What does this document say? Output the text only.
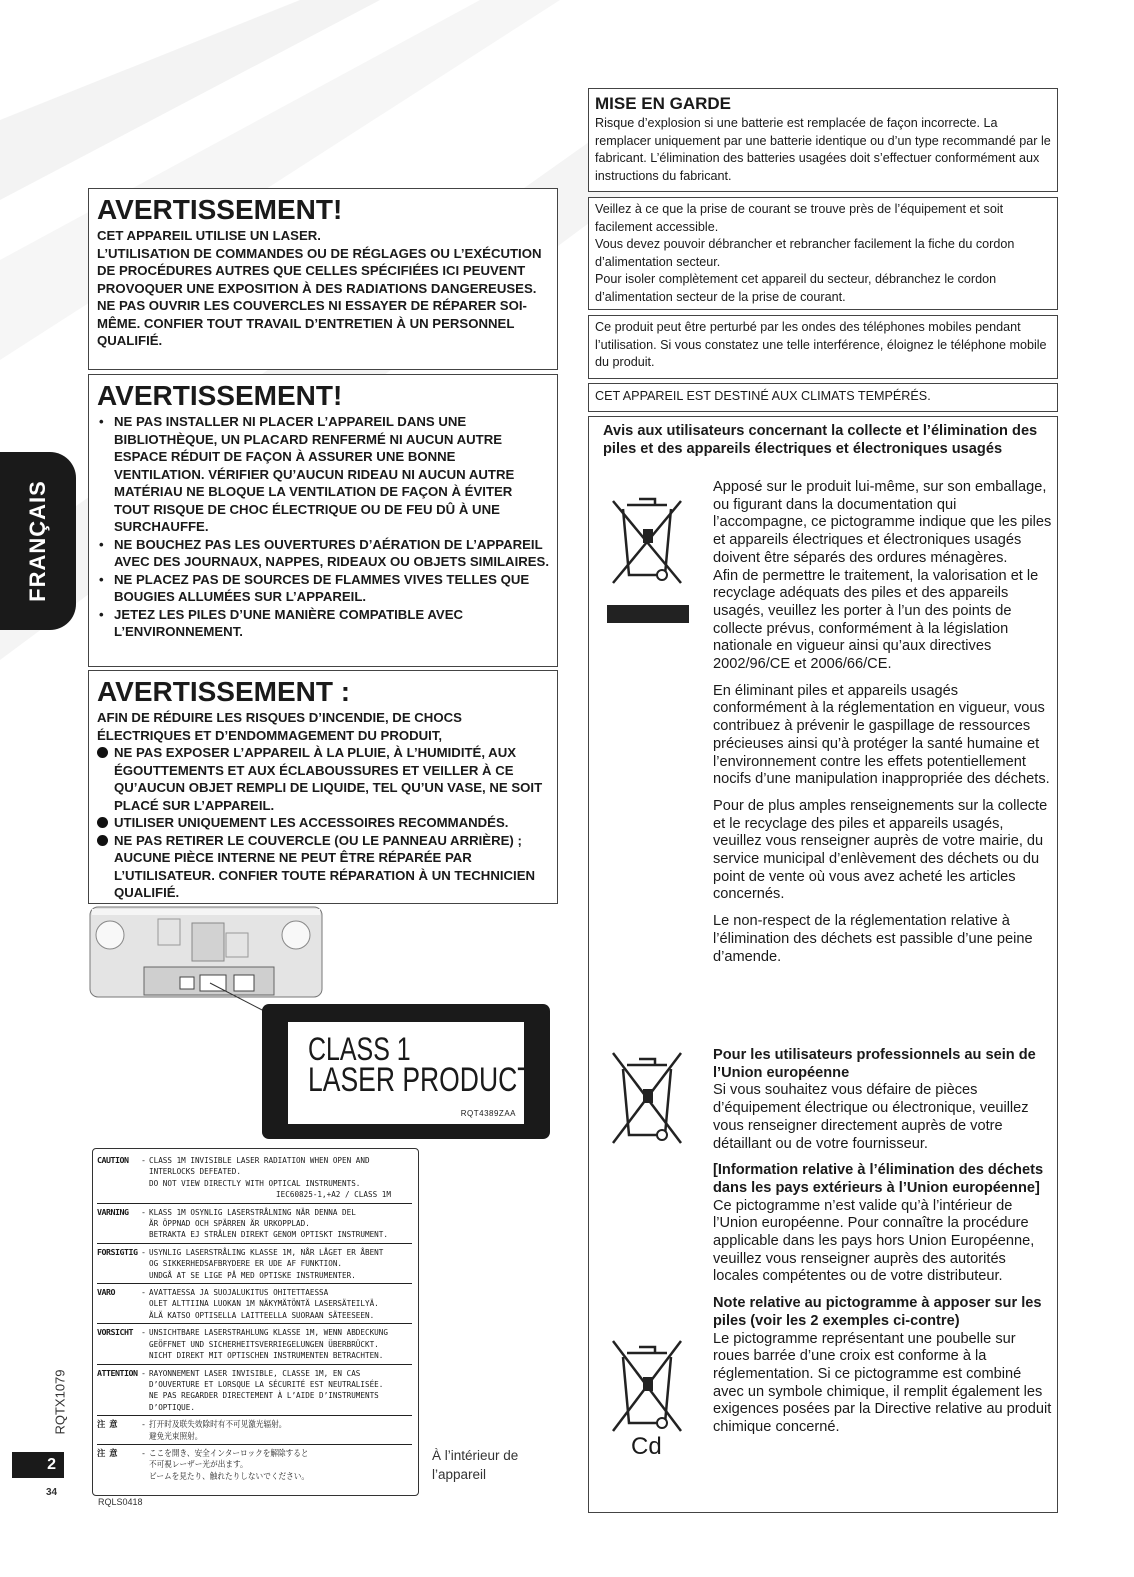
FRANÇAIS
RQTX1079
2
34
RQLS0418
AVERTISSEMENT!

CET APPAREIL UTILISE UN LASER.

L’UTILISATION DE COMMANDES OU DE RÉGLAGES OU L’EXÉCUTION DE PROCÉDURES AUTRES QUE CELLES SPÉCIFIÉES ICI PEUVENT PROVOQUER UNE EXPOSITION À DES RADIATIONS DANGEREUSES.

NE PAS OUVRIR LES COUVERCLES NI ESSAYER DE RÉPARER SOI-MÊME. CONFIER TOUT TRAVAIL D’ENTRETIEN À UN PERSONNEL QUALIFIÉ.

AVERTISSEMENT!
• NE PAS INSTALLER NI PLACER L’APPAREIL DANS UNE BIBLIOTHÈQUE, UN PLACARD RENFERMÉ NI AUCUN AUTRE ESPACE RÉDUIT DE FAÇON À ASSURER UNE BONNE VENTILATION. VÉRIFIER QU’AUCUN RIDEAU NI AUCUN AUTRE MATÉRIAU NE BLOQUE LA VENTILATION DE FAÇON À ÉVITER TOUT RISQUE DE CHOC ÉLECTRIQUE OU DE FEU DÛ À UNE SURCHAUFFE.
• NE BOUCHEZ PAS LES OUVERTURES D’AÉRATION DE L’APPAREIL AVEC DES JOURNAUX, NAPPES, RIDEAUX OU OBJETS SIMILAIRES.
• NE PLACEZ PAS DE SOURCES DE FLAMMES VIVES TELLES QUE BOUGIES ALLUMÉES SUR L’APPAREIL.
• JETEZ LES PILES D’UNE MANIÈRE COMPATIBLE AVEC L’ENVIRONNEMENT.
AVERTISSEMENT :

AFIN DE RÉDUIRE LES RISQUES D’INCENDIE, DE CHOCS ÉLECTRIQUES ET D’ENDOMMAGEMENT DU PRODUIT,

NE PAS EXPOSER L’APPAREIL À LA PLUIE, À L’HUMIDITÉ, AUX ÉGOUTTEMENTS ET AUX ÉCLABOUSSURES ET VEILLER À CE QU’AUCUN OBJET REMPLI DE LIQUIDE, TEL QU’UN VASE, NE SOIT PLACÉ SUR L’APPAREIL.
UTILISER UNIQUEMENT LES ACCESSOIRES RECOMMANDÉS.
NE PAS RETIRER LE COUVERCLE (OU LE PANNEAU ARRIÈRE) ; AUCUNE PIÈCE INTERNE NE PEUT ÊTRE RÉPARÉE PAR L’UTILISATEUR. CONFIER TOUTE RÉPARATION À UN TECHNICIEN QUALIFIÉ.
CLASS 1
LASER PRODUCT
RQT4389ZAA
CAUTION	- CLASS 1M INVISIBLE LASER RADIATION WHEN OPEN AND
INTERLOCKS DEFEATED.
DO NOT VIEW DIRECTLY WITH OPTICAL INSTRUMENTS.
IEC60825-1,+A2 / CLASS 1M
VARNING	- KLASS 1M OSYNLIG LASERSTRÅLNING NÄR DENNA DEL
ÄR ÖPPNAD OCH SPÄRREN ÄR URKOPPLAD.
BETRAKTA EJ STRÅLEN DIREKT GENOM OPTISKT INSTRUMENT.
FORSIGTIG - USYNLIG LASERSTRÅLING KLASSE 1M, NÅR LÅGET ER ÅBENT
OG SIKKERHEDSAFBRYDERE ER UDE AF FUNKTION.
UNDGÅ AT SE LIGE PÅ MED OPTISKE INSTRUMENTER.
VARO	- AVATTAESSA JA SUOJALUKITUS OHITETTAESSA
OLET ALTTIINA LUOKAN 1M NÄKYMÄTÖNTÄ LASERSÄTEILYÄ.
ÄLÄ KATSO OPTISELLA LAITTEELLA SUORAAN SÄTEESEEN.
VORSICHT - UNSICHTBARE LASERSTRAHLUNG KLASSE 1M, WENN ABDECKUNG
GEÖFFNET UND SICHERHEITSVERRIEGELUNGEN ÜBERBRÜCKT.
NICHT DIREKT MIT OPTISCHEN INSTRUMENTEN BETRACHTEN.
ATTENTION - RAYONNEMENT LASER INVISIBLE, CLASSE 1M, EN CAS
D’OUVERTURE ET LORSQUE LA SÉCURITÉ EST NEUTRALISÉE.
NE PAS REGARDER DIRECTEMENT À L’AIDE D’INSTRUMENTS
D’OPTIQUE.
注 意	- 打开时及联失效除时有不可见激光辐射。
避免光束照射。
注 意	- ここを開き、安全インターロックを解除すると
不可視レーザー光が出ます。
ビームを見たり、触れたりしないでください。
À l’intérieur de l’appareil
MISE EN GARDE

Risque d’explosion si une batterie est remplacée de façon incorrecte. La remplacer uniquement par une batterie identique ou d’un type recommandé par le fabricant. L’élimination des batteries usagées doit s’effectuer conformément aux instructions du fabricant.

Veillez à ce que la prise de courant se trouve près de l’équipement et soit facilement accessible.

Vous devez pouvoir débrancher et rebrancher facilement la fiche du cordon d’alimentation secteur.

Pour isoler complètement cet appareil du secteur, débranchez le cordon d’alimentation secteur de la prise de courant.

Ce produit peut être perturbé par les ondes des téléphones mobiles pendant l’utilisation. Si vous constatez une telle interférence, éloignez le téléphone mobile du produit.

CET APPAREIL EST DESTINÉ AUX CLIMATS TEMPÉRÉS.

Avis aux utilisateurs concernant la collecte et l’élimination des piles et des appareils électriques et électroniques usagés

Apposé sur le produit lui-même, sur son emballage, ou figurant dans la documentation qui l’accompagne, ce pictogramme indique que les piles et appareils électriques et électroniques usagés doivent être séparés des ordures ménagères.

Afin de permettre le traitement, la valorisation et le recyclage adéquats des piles et des appareils usagés, veuillez les porter à l’un des points de collecte prévus, conformément à la législation nationale en vigueur ainsi qu’aux directives 2002/96/CE et 2006/66/CE.

En éliminant piles et appareils usagés conformément à la réglementation en vigueur, vous contribuez à prévenir le gaspillage de ressources précieuses ainsi qu’à protéger la santé humaine et l’environnement contre les effets potentiellement nocifs d’une manipulation inappropriée des déchets.

Pour de plus amples renseignements sur la collecte et le recyclage des piles et appareils usagés, veuillez vous renseigner auprès de votre mairie, du service municipal d’enlèvement des déchets ou du point de vente où vous avez acheté les articles concernés.

Le non-respect de la réglementation relative à l’élimination des déchets est passible d’une peine d’amende.

Pour les utilisateurs professionnels au sein de l’Union européenne

Si vous souhaitez vous défaire de pièces d’équipement électrique ou électronique, veuillez vous renseigner directement auprès de votre détaillant ou de votre fournisseur.

[Information relative à l’élimination des déchets dans les pays extérieurs à l’Union européenne]

Ce pictogramme n’est valide qu’à l’intérieur de l’Union européenne. Pour connaître la procédure applicable dans les pays hors Union Européenne, veuillez vous renseigner auprès des autorités locales compétentes ou de votre distributeur.

Note relative au pictogramme à apposer sur les piles (voir les 2 exemples ci-contre)

Le pictogramme représentant une poubelle sur roues barrée d’une croix est conforme à la réglementation. Si ce pictogramme est combiné avec un symbole chimique, il remplit également les exigences posées par la Directive relative au produit chimique concerné.

Cd
